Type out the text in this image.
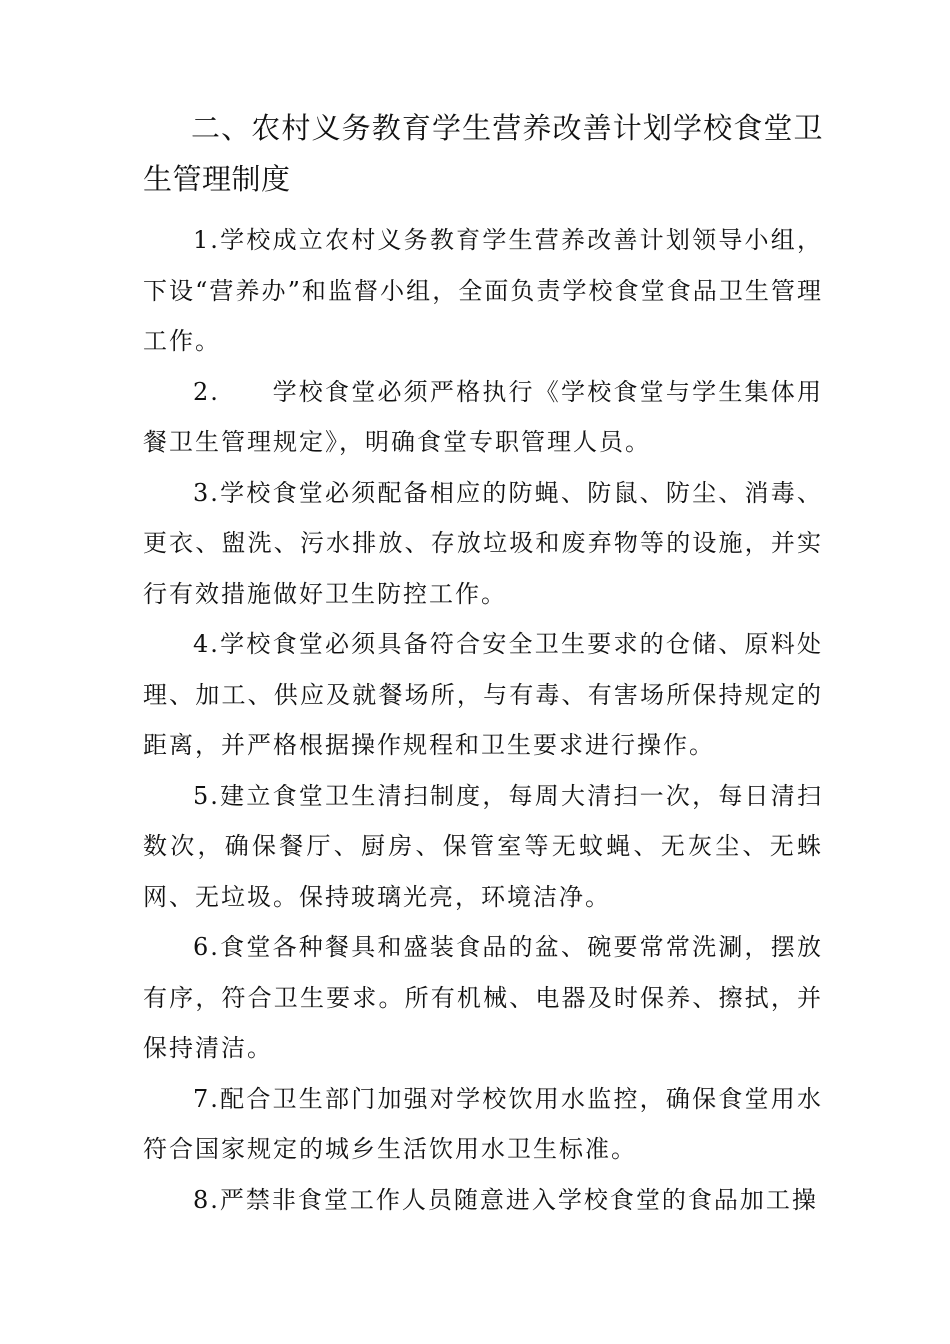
二、农村义务教育学生营养改善计划学校食堂卫生管理制度

1.学校成立农村义务教育学生营养改善计划领导小组，下设“营养办”和监督小组，全面负责学校食堂食品卫生管理工作。

2.　　学校食堂必须严格执行《学校食堂与学生集体用餐卫生管理规定》，明确食堂专职管理人员。

3.学校食堂必须配备相应的防蝇、防鼠、防尘、消毒、更衣、盥洗、污水排放、存放垃圾和废弃物等的设施，并实行有效措施做好卫生防控工作。

4.学校食堂必须具备符合安全卫生要求的仓储、原料处理、加工、供应及就餐场所，与有毒、有害场所保持规定的距离，并严格根据操作规程和卫生要求进行操作。

5.建立食堂卫生清扫制度，每周大清扫一次，每日清扫数次，确保餐厅、厨房、保管室等无蚊蝇、无灰尘、无蛛网、无垃圾。保持玻璃光亮，环境洁净。

6.食堂各种餐具和盛装食品的盆、碗要常常洗涮，摆放有序，符合卫生要求。所有机械、电器及时保养、擦拭，并保持清洁。

7.配合卫生部门加强对学校饮用水监控，确保食堂用水符合国家规定的城乡生活饮用水卫生标准。

8.严禁非食堂工作人员随意进入学校食堂的食品加工操
